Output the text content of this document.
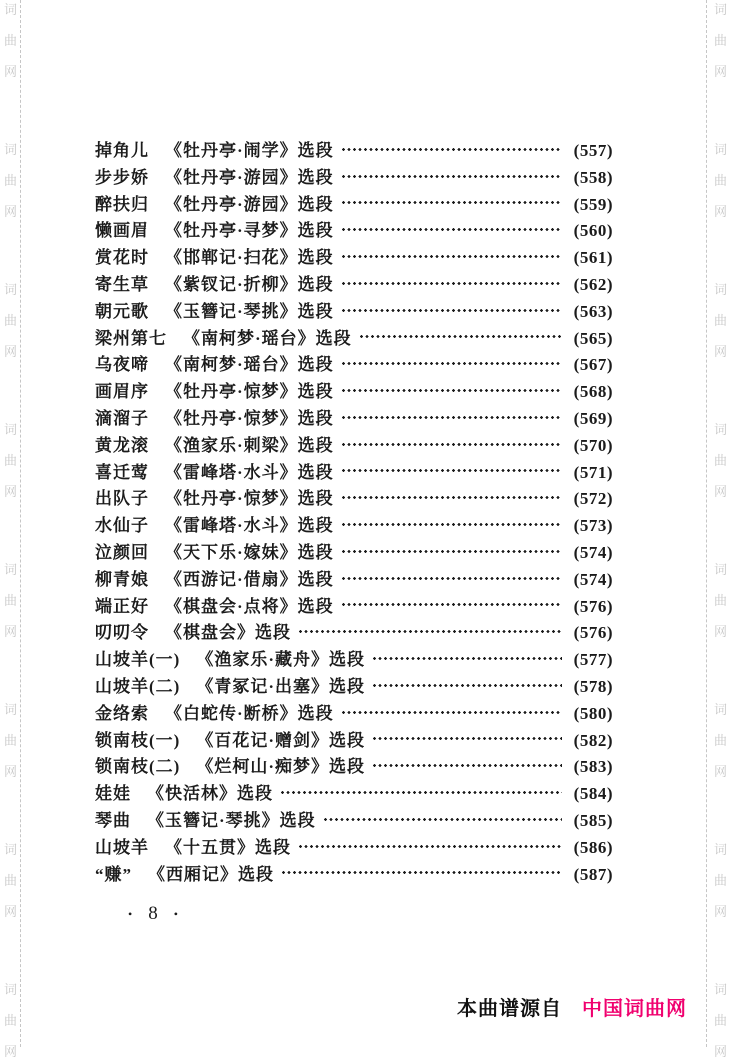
词
曲
网
词
曲
网
词
曲
网
词
曲
网
词
曲
网
词
曲
网
词
曲
网
词
曲
网
词
曲
网
词
曲
网
词
曲
网
词
曲
网
词
曲
网
词
曲
网
词
曲
网
词
曲
网
掉角儿 《牡丹亭·闹学》选段	(557)
步步娇 《牡丹亭·游园》选段	(558)
醉扶归 《牡丹亭·游园》选段	(559)
懒画眉 《牡丹亭·寻梦》选段	(560)
赏花时 《邯郸记·扫花》选段	(561)
寄生草 《紫钗记·折柳》选段	(562)
朝元歌 《玉簪记·琴挑》选段	(563)
梁州第七 《南柯梦·瑶台》选段	(565)
乌夜啼 《南柯梦·瑶台》选段	(567)
画眉序 《牡丹亭·惊梦》选段	(568)
滴溜子 《牡丹亭·惊梦》选段	(569)
黄龙滚 《渔家乐·刺梁》选段	(570)
喜迁莺 《雷峰塔·水斗》选段	(571)
出队子 《牡丹亭·惊梦》选段	(572)
水仙子 《雷峰塔·水斗》选段	(573)
泣颜回 《天下乐·嫁妹》选段	(574)
柳青娘 《西游记·借扇》选段	(574)
端正好 《棋盘会·点将》选段	(576)
叨叨令 《棋盘会》选段	(576)
山坡羊(一) 《渔家乐·藏舟》选段	(577)
山坡羊(二) 《青冢记·出塞》选段	(578)
金络索 《白蛇传·断桥》选段	(580)
锁南枝(一) 《百花记·赠剑》选段	(582)
锁南枝(二) 《烂柯山·痴梦》选段	(583)
娃娃 《快活林》选段	(584)
琴曲 《玉簪记·琴挑》选段	(585)
山坡羊 《十五贯》选段	(586)
“赚” 《西厢记》选段	(587)
• 8 •
本曲谱源自 中国词曲网
